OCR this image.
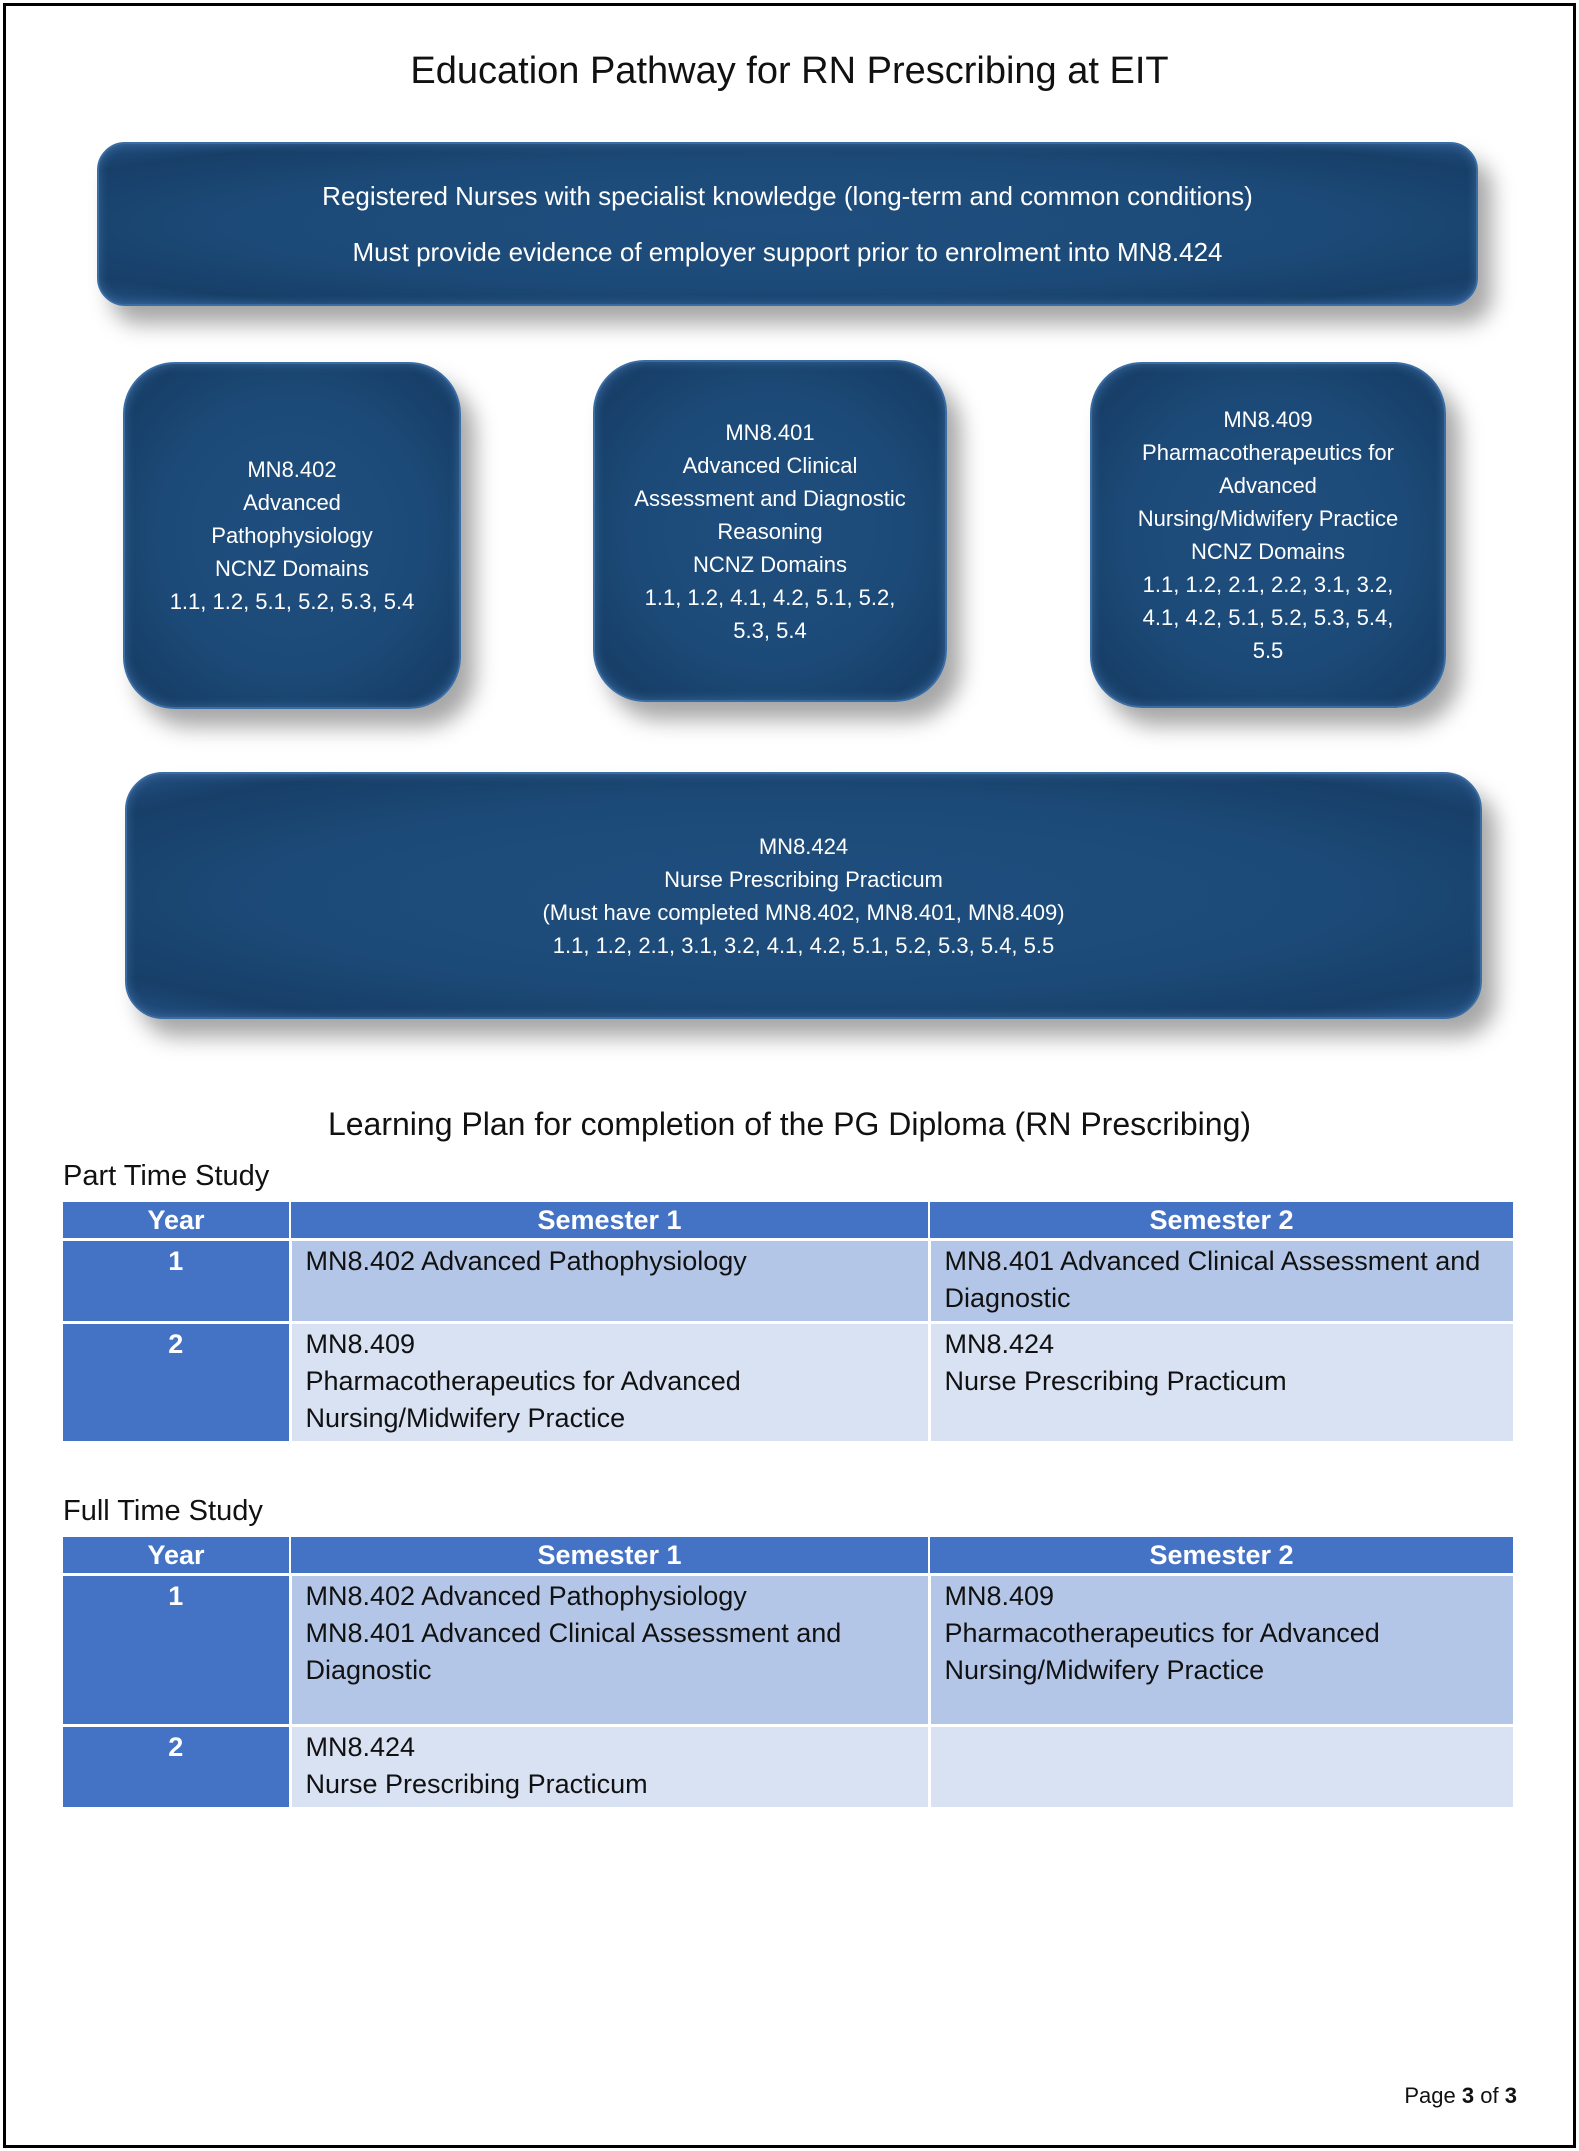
Education Pathway for RN Prescribing at EIT
Registered Nurses with specialist knowledge (long-term and common conditions)
Must provide evidence of employer support prior to enrolment into MN8.424
MN8.402
Advanced
Pathophysiology
NCNZ Domains
1.1, 1.2, 5.1, 5.2, 5.3, 5.4
MN8.401
Advanced Clinical
Assessment and Diagnostic
Reasoning
NCNZ Domains
1.1, 1.2, 4.1, 4.2, 5.1, 5.2,
5.3, 5.4
MN8.409
Pharmacotherapeutics for
Advanced
Nursing/Midwifery Practice
NCNZ Domains
1.1, 1.2, 2.1, 2.2, 3.1, 3.2,
4.1, 4.2, 5.1, 5.2, 5.3, 5.4,
5.5
MN8.424
Nurse Prescribing Practicum
(Must have completed MN8.402, MN8.401, MN8.409)
1.1, 1.2, 2.1, 3.1, 3.2, 4.1, 4.2, 5.1, 5.2, 5.3, 5.4, 5.5
Learning Plan for completion of the PG Diploma (RN Prescribing)
Part Time Study
Year	Semester 1	Semester 2
1	MN8.402 Advanced Pathophysiology	MN8.401 Advanced Clinical Assessment and
Diagnostic

2	MN8.409
Pharmacotherapeutics for Advanced
Nursing/Midwifery Practice	MN8.424
Nurse Prescribing Practicum
Full Time Study
Year	Semester 1	Semester 2
1	MN8.402 Advanced Pathophysiology
MN8.401 Advanced Clinical Assessment and
Diagnostic	MN8.409
Pharmacotherapeutics for Advanced
Nursing/Midwifery Practice

2	MN8.424
Nurse Prescribing Practicum	

Page 3 of 3
